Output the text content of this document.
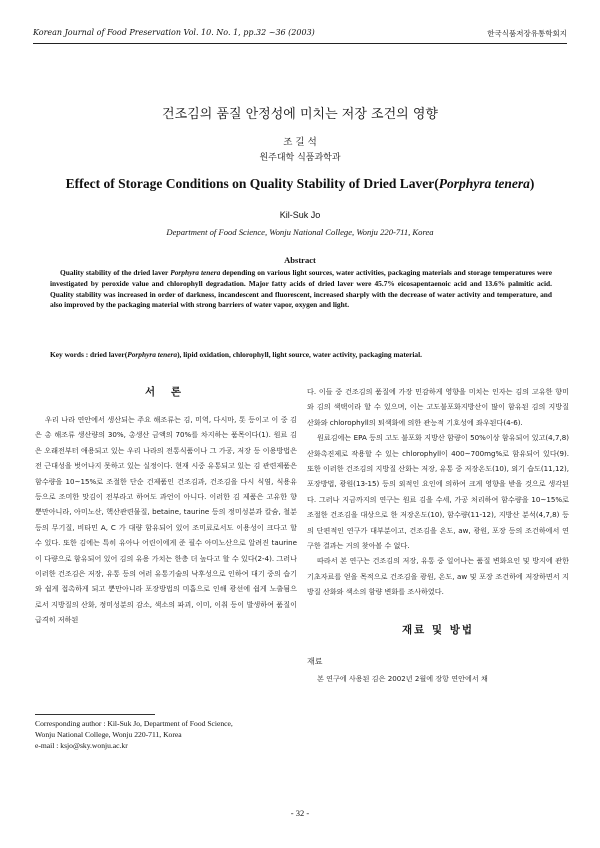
Korean Journal of Food Preservation Vol. 10. No. 1, pp.32 ~36 (2003)	한국식품저장유통학회지
건조김의 품질 안정성에 미치는 저장 조건의 영향
조 길 석
원주대학 식품과학과
Effect of Storage Conditions on Quality Stability of Dried Laver(Porphyra tenera)
Kil-Suk Jo
Department of Food Science, Wonju National College, Wonju 220-711, Korea
Abstract
Quality stability of the dried laver Porphyra tenera depending on various light sources, water activities, packaging materials and storage temperatures were investigated by peroxide value and chlorophyll degradation. Major fatty acids of dried laver were 45.7% eicosapentaenoic acid and 13.6% palmitic acid. Quality stability was increased in order of darkness, incandescent and fluorescent, increased sharply with the decrease of water activity and temperature, and also improved by the packaging material with strong barriers of water vapor, oxygen and light.
Key words : dried laver(Porphyra tenera), lipid oxidation, chlorophyll, light source, water activity, packaging material.
서 론

우리 나라 연안에서 생산되는 주요 해조류는 김, 미역, 다시마, 톳 등이고 이 중 김은 총 해조류 생산량의 30%, 총생산 금액의 70%를 차지하는 품목이다(1). 원료 김은 오래전부터 애용되고 있는 우리 나라의 전통식품이나 그 가공, 저장 등 이용방법은 전 근대성을 벗어나지 못하고 있는 실정이다. 현재 시중 유통되고 있는 김 관련제품은 함수량을 10~15%로 조절한 단순 건제품인 건조김과, 건조김을 다시 식염, 식용유 등으로 조미한 맛김이 전부라고 하여도 과언이 아니다. 이러한 김 제품은 고유한 향 뿐만아니라, 아미노산, 핵산관련물질, betaine, taurine 등의 정미성분과 칼슘, 철분 등의 무기질, 비타민 A, C 가 대량 함유되어 있어 조미료로서도 이용성이 크다고 할 수 있다. 또한 김에는 특히 유아나 어린이에게 준 필수 아미노산으로 알려진 taurine이 다량으로 함유되어 있어 김의 유용 가치는 한층 더 높다고 할 수 있다(2-4). 그러나 이러한 건조김은 저장, 유통 등의 여러 유통기술의 낙후성으로 인하여 대기 중의 습기와 쉽게 접촉하게 되고 뿐만아니라 포장방법의 미흡으로 인해 광선에 쉽게 노출됨으로서 지방질의 산화, 정미성분의 감소, 색소의 파괴, 이미, 이취 등이 발생하여 품질이 급격히 저하된

다. 이들 중 건조김의 품질에 가장 민감하게 영향을 미치는 인자는 김의 고유한 향미와 김의 색택이라 할 수 있으며, 이는 고도불포화지방산이 많이 함유된 김의 지방질 산화와 chlorophyll의 퇴색화에 의한 관능적 기호성에 좌우된다(4-6).

원료김에는 EPA 등의 고도 불포화 지방산 함량이 50%이상 함유되어 있고(4,7,8) 산화촉진제로 작용할 수 있는 chlorophyll이 400~700mg%로 함유되어 있다(9). 또한 이러한 건조김의 지방질 산화는 저장, 유통 중 저장온도(10), 외기 습도(11,12), 포장방법, 광원(13-15) 등의 외적인 요인에 의하여 크게 영향을 받을 것으로 생각된다. 그러나 지금까지의 연구는 원료 김을 수세, 가공 처리하여 함수량을 10~15%로 조절한 건조김을 대상으로 한 저장온도(10), 함수량(11-12), 지방산 분석(4,7,8) 등의 단편적인 연구가 대부분이고, 건조김을 온도, aw, 광원, 포장 등의 조건하에서 연구한 결과는 거의 찾아볼 수 없다.

따라서 본 연구는 건조김의 저장, 유통 중 일어나는 품질 변화요인 및 방지에 관한 기초자료를 얻을 목적으로 건조김을 광원, 온도, aw 및 포장 조건하에 저장하면서 지방질 산화와 색소의 함량 변화를 조사하였다.

재료 및 방법
재료

본 연구에 사용된 김은 2002년 2월에 장항 연안에서 채

Corresponding author : Kil-Suk Jo, Department of Food Science,
Wonju National College, Wonju 220-711, Korea
e-mail : ksjo@sky.wonju.ac.kr
- 32 -
